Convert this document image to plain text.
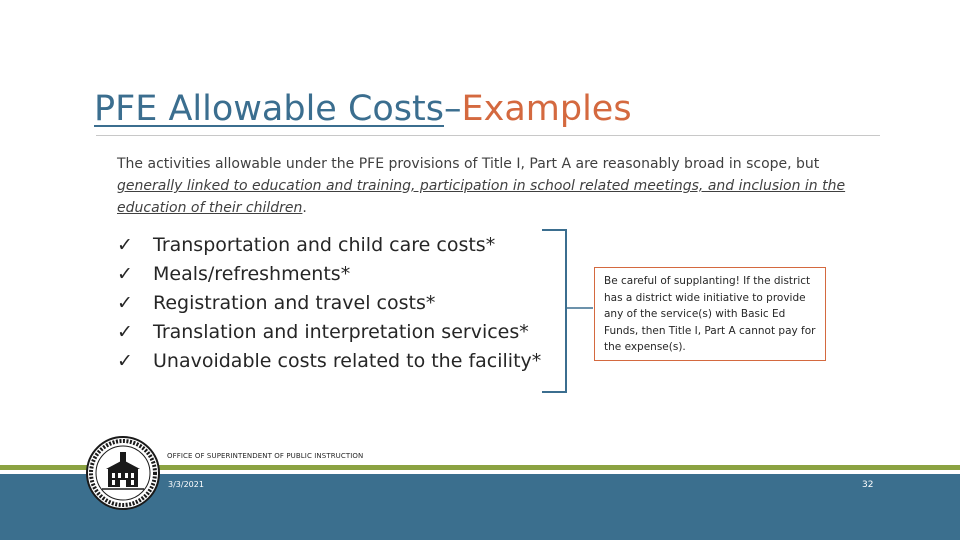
PFE Allowable Costs–Examples
The activities allowable under the PFE provisions of Title I, Part A are reasonably broad in scope, but generally linked to education and training, participation in school related meetings, and inclusion in the education of their children.
✓	Transportation and child care costs*
✓	Meals/refreshments*
✓	Registration and travel costs*
✓	Translation and interpretation services*
✓	Unavoidable costs related to the facility*
Be careful of supplanting! If the district has a district wide initiative to provide any of the service(s) with Basic Ed Funds, then Title I, Part A cannot pay for the expense(s).
OFFICE OF SUPERINTENDENT OF PUBLIC INSTRUCTION
3/3/2021	32
